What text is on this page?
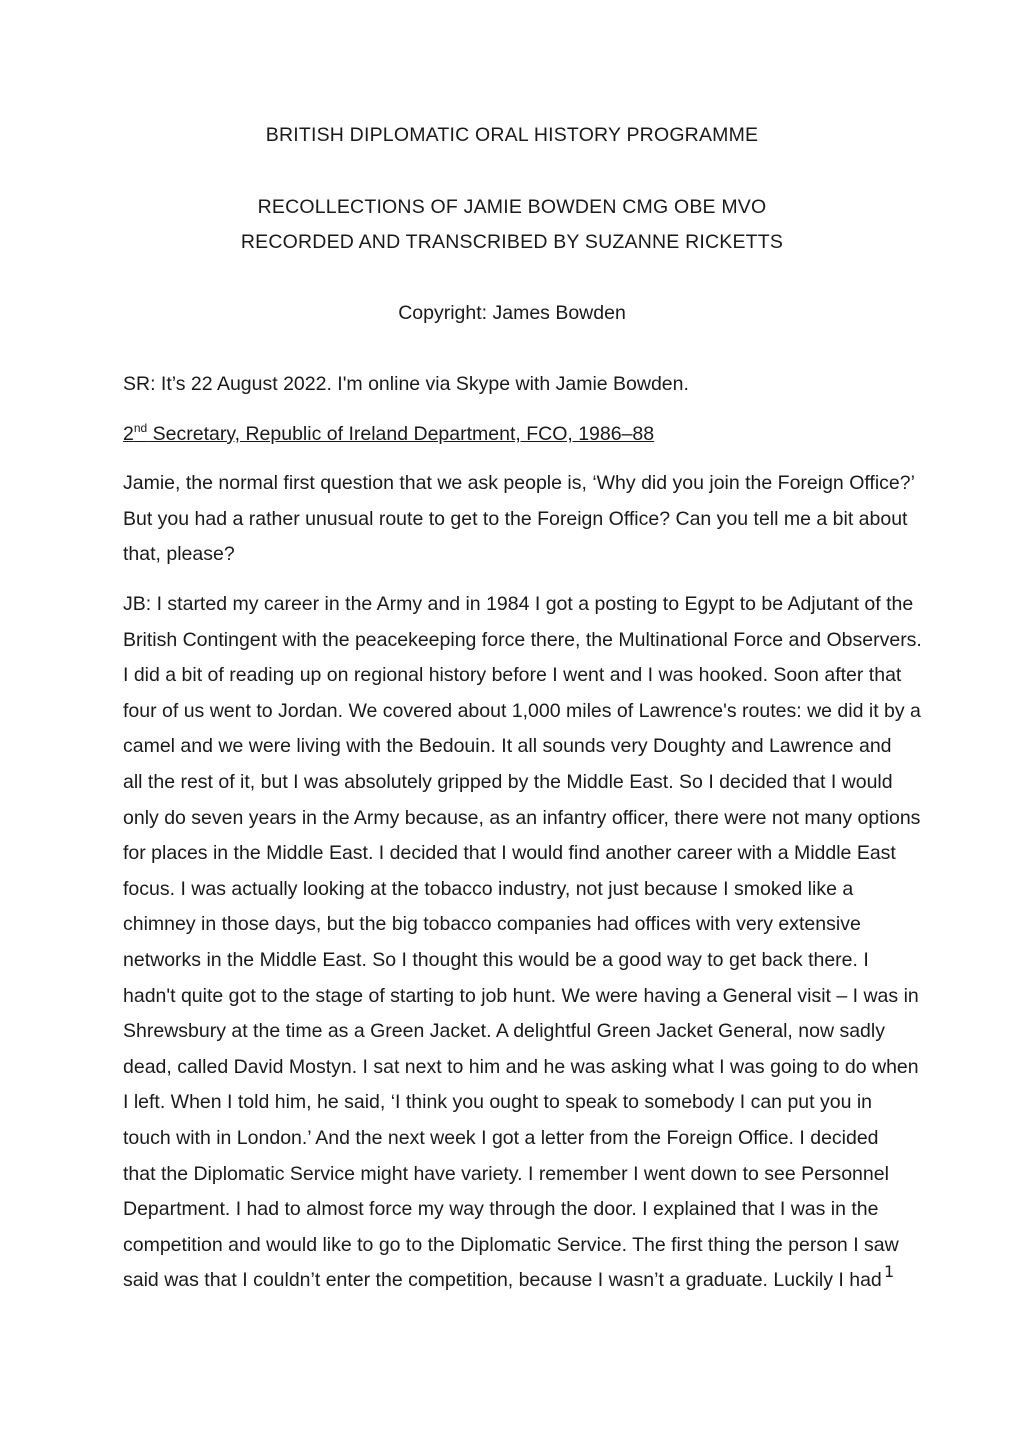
BRITISH DIPLOMATIC ORAL HISTORY PROGRAMME
RECOLLECTIONS OF JAMIE BOWDEN CMG OBE MVO
RECORDED AND TRANSCRIBED BY SUZANNE RICKETTS
Copyright: James Bowden
SR: It’s 22 August 2022. I'm online via Skype with Jamie Bowden.
2nd Secretary, Republic of Ireland Department, FCO, 1986–88
Jamie, the normal first question that we ask people is, ‘Why did you join the Foreign Office?’
But you had a rather unusual route to get to the Foreign Office? Can you tell me a bit about
that, please?
JB: I started my career in the Army and in 1984 I got a posting to Egypt to be Adjutant of the
British Contingent with the peacekeeping force there, the Multinational Force and Observers.
I did a bit of reading up on regional history before I went and I was hooked. Soon after that
four of us went to Jordan. We covered about 1,000 miles of Lawrence's routes: we did it by a
camel and we were living with the Bedouin. It all sounds very Doughty and Lawrence and
all the rest of it, but I was absolutely gripped by the Middle East. So I decided that I would
only do seven years in the Army because, as an infantry officer, there were not many options
for places in the Middle East. I decided that I would find another career with a Middle East
focus. I was actually looking at the tobacco industry, not just because I smoked like a
chimney in those days, but the big tobacco companies had offices with very extensive
networks in the Middle East. So I thought this would be a good way to get back there. I
hadn't quite got to the stage of starting to job hunt. We were having a General visit – I was in
Shrewsbury at the time as a Green Jacket. A delightful Green Jacket General, now sadly
dead, called David Mostyn. I sat next to him and he was asking what I was going to do when
I left. When I told him, he said, ‘I think you ought to speak to somebody I can put you in
touch with in London.’ And the next week I got a letter from the Foreign Office. I decided
that the Diplomatic Service might have variety. I remember I went down to see Personnel
Department. I had to almost force my way through the door. I explained that I was in the
competition and would like to go to the Diplomatic Service. The first thing the person I saw
said was that I couldn’t enter the competition, because I wasn’t a graduate. Luckily I had 1
